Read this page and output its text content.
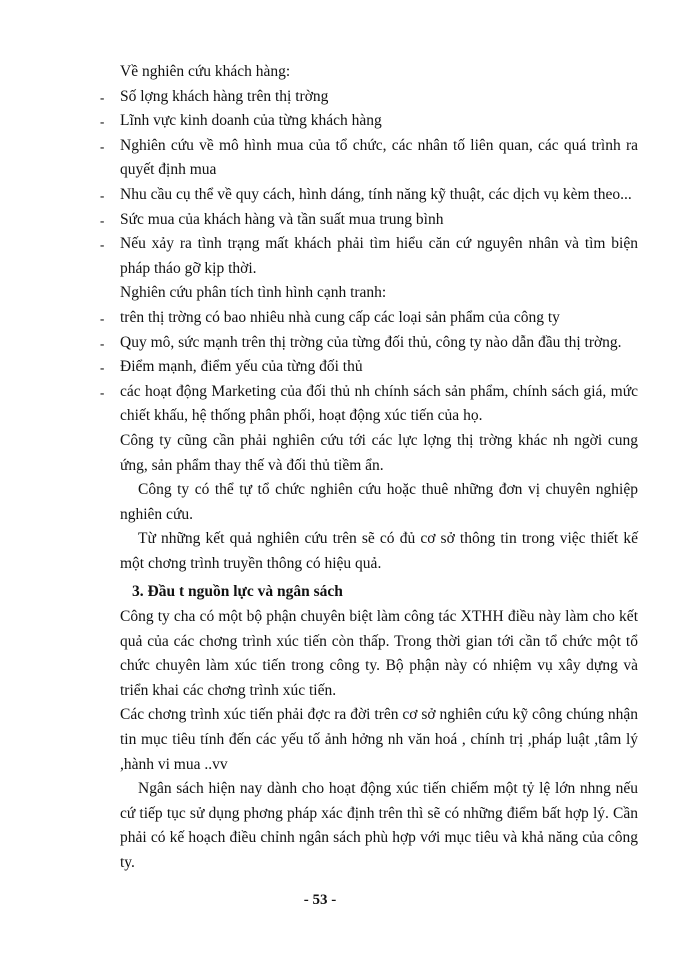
Về nghiên cứu khách hàng:

- Số lợng khách hàng trên thị trờng

- Lĩnh vực kinh doanh của từng khách hàng

- Nghiên cứu về mô hình mua của tổ chức, các nhân tố liên quan, các quá trình ra quyết định mua

- Nhu cầu cụ thể về quy cách, hình dáng, tính năng kỹ thuật, các dịch vụ kèm theo...

- Sức mua của khách hàng và tần suất mua trung bình

- Nếu xảy ra tình trạng mất khách phải tìm hiểu căn cứ nguyên nhân và tìm biện pháp tháo gỡ kịp thời.

Nghiên cứu phân tích tình hình cạnh tranh:

- trên thị trờng có bao nhiêu nhà cung cấp các loại sản phẩm của công ty

- Quy mô, sức mạnh trên thị trờng của từng đối thủ, công ty nào dẫn đầu thị trờng.

- Điểm mạnh, điểm yếu của từng đối thủ

- các hoạt động Marketing của đối thủ nh chính sách sản phẩm, chính sách giá, mức chiết khấu, hệ thống phân phối, hoạt động xúc tiến của họ.

Công ty cũng cần phải nghiên cứu tới các lực lợng thị trờng khác nh ngời cung ứng, sản phẩm thay thế và đối thủ tiềm ẩn.

Công ty có thể tự tổ chức nghiên cứu hoặc thuê những đơn vị chuyên nghiệp nghiên cứu.

Từ những kết quả nghiên cứu trên sẽ có đủ cơ sở thông tin trong việc thiết kế một chơng trình truyền thông có hiệu quả.

3. Đầu t nguồn lực và ngân sách

Công ty cha có một bộ phận chuyên biệt làm công tác XTHH điều này làm cho kết quả của các chơng trình xúc tiến còn thấp. Trong thời gian tới cần tổ chức một tổ chức chuyên làm xúc tiến trong công ty. Bộ phận này có nhiệm vụ xây dựng và triển khai các chơng trình xúc tiến.

Các chơng trình xúc tiến phải đợc ra đời trên cơ sở nghiên cứu kỹ công chúng nhận tin mục tiêu tính đến các yếu tố ảnh hởng nh văn hoá , chính trị ,pháp luật ,tâm lý ,hành vi mua ..vv

Ngân sách hiện nay dành cho hoạt động xúc tiến chiếm một tỷ lệ lớn nhng nếu cứ tiếp tục sử dụng phơng pháp xác định trên thì sẽ có những điểm bất hợp lý. Cần phải có kế hoạch điều chỉnh ngân sách phù hợp với mục tiêu và khả năng của công ty.

- 53 -
